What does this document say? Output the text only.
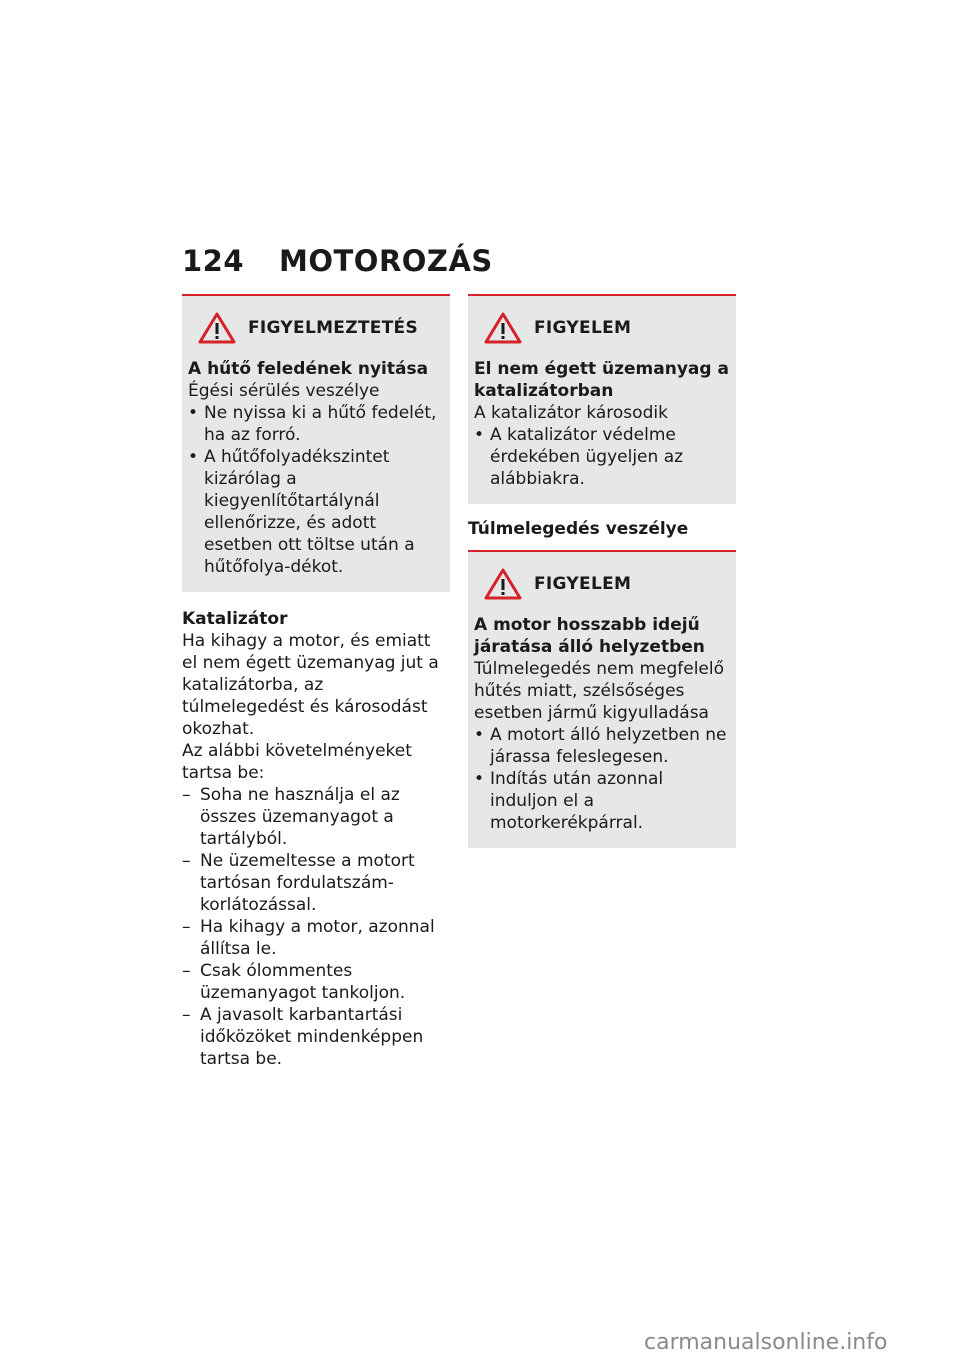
124 MOTOROZÁS
FIGYELMEZTETÉS
A hűtő feledének nyitása
Égési sérülés veszélye
• Ne nyissa ki a hűtő fedelét, ha az forró.
• A hűtőfolyadékszintet kizárólag a kiegyenlítőtartálynál ellenőrizze, és adott esetben ott töltse után a hűtőfolya-dékot.
Katalizátor
Ha kihagy a motor, és emiatt el nem égett üzemanyag jut a katalizátorba, az túlmelegedést és károsodást okozhat.
Az alábbi követelményeket tartsa be:
– Soha ne használja el az összes üzemanyagot a tartályból.
– Ne üzemeltesse a motort tartósan fordulatszám-korlátozással.
– Ha kihagy a motor, azonnal állítsa le.
– Csak ólommentes üzemanyagot tankoljon.
– A javasolt karbantartási időközöket mindenképpen tartsa be.
FIGYELEM
El nem égett üzemanyag a katalizátorban
A katalizátor károsodik
• A katalizátor védelme érdekében ügyeljen az alábbiakra.
Túlmelegedés veszélye
FIGYELEM
A motor hosszabb idejű járatása álló helyzetben
Túlmelegedés nem megfelelő hűtés miatt, szélsőséges esetben jármű kigyulladása
• A motort álló helyzetben ne járassa feleslegesen.
• Indítás után azonnal induljon el a motorkerékpárral.
carmanualsonline.info
